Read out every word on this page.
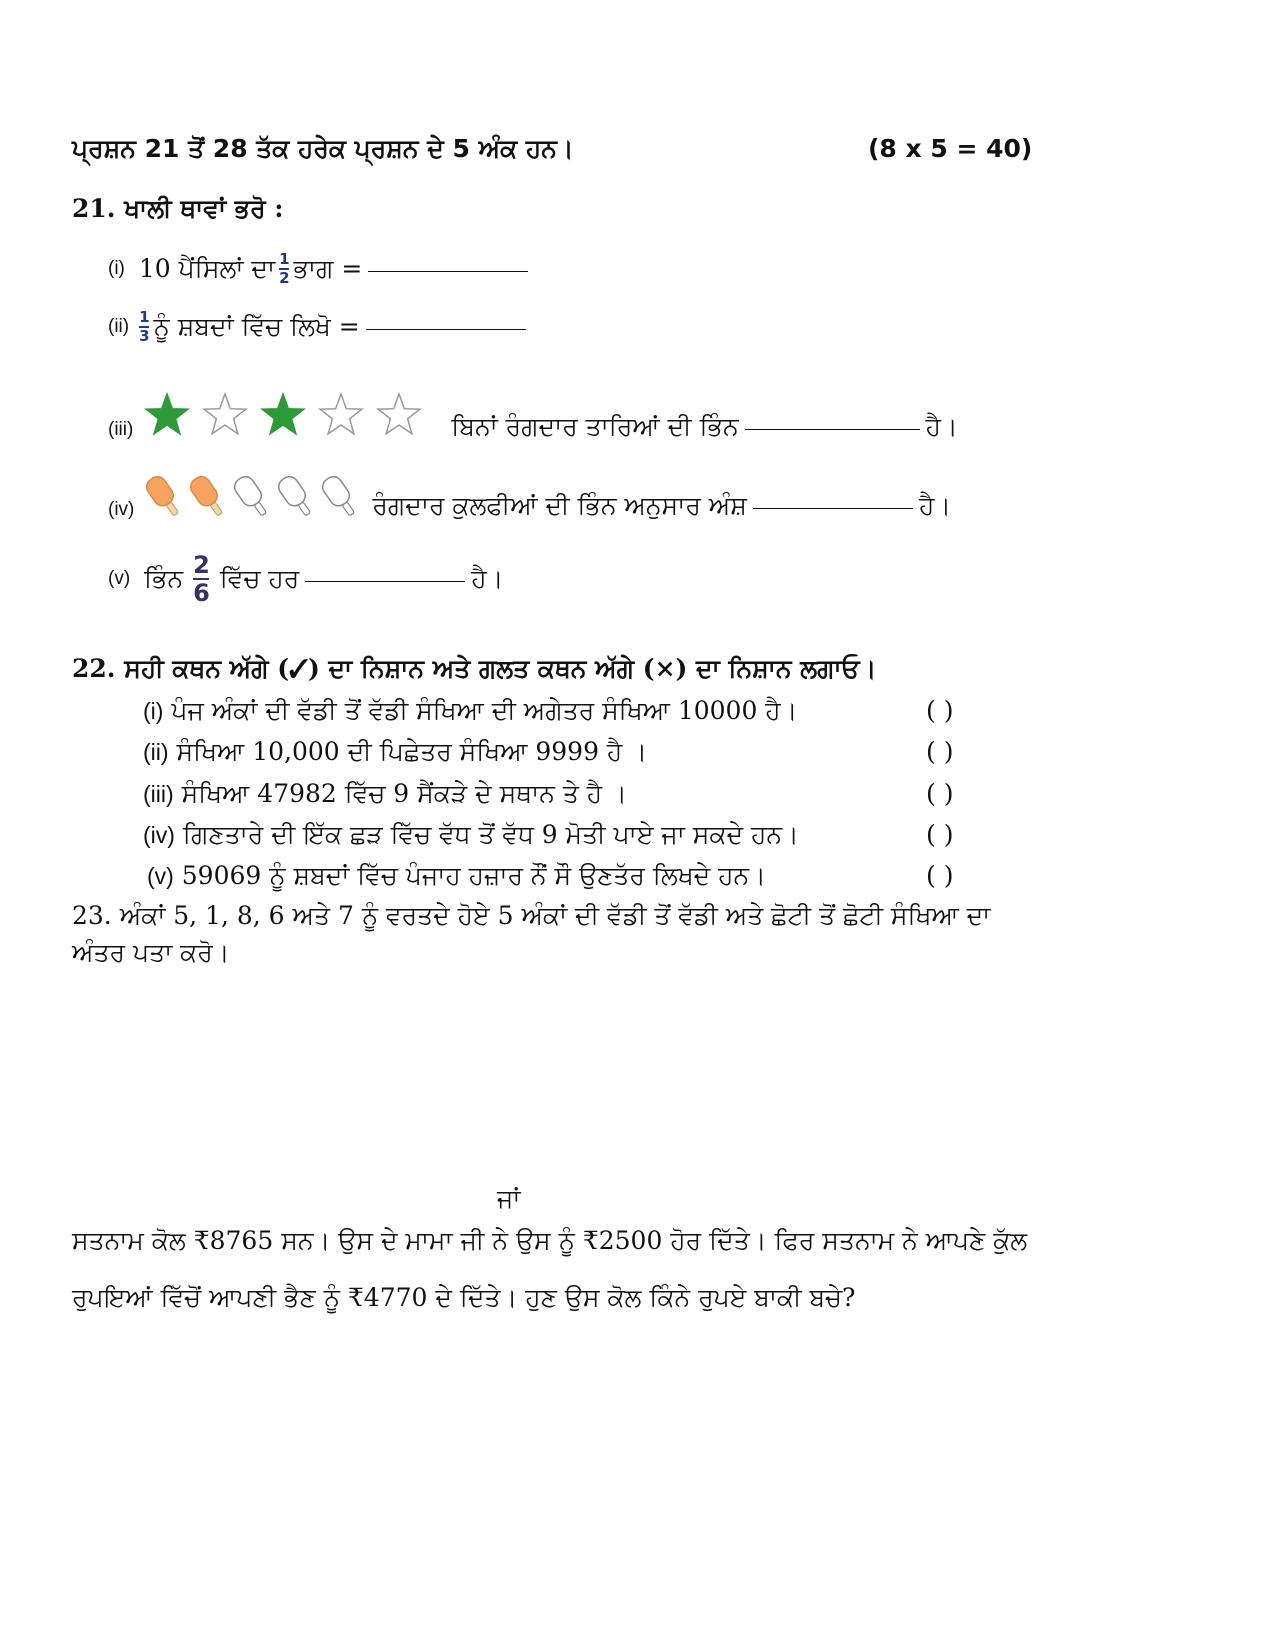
ਪ੍ਰਸ਼ਨ 21 ਤੋਂ 28 ਤੱਕ ਹਰੇਕ ਪ੍ਰਸ਼ਨ ਦੇ 5 ਅੰਕ ਹਨ।	(8 x 5 = 40)
21. ਖਾਲੀ ਥਾਵਾਂ ਭਰੋ :
(i) 10 ਪੈਂਸਿਲਾਂ ਦਾ $\frac{1}{2}$ ਭਾਗ =
$(ii) \frac{1}{3}$ ਨੂੰ ਸ਼ਬਦਾਂ ਵਿੱਚ ਲਿਖੋ =
(iii)	ਬਿਨਾਂ ਰੰਗਦਾਰ ਤਾਰਿਆਂ ਦੀ ਭਿੰਨ	ਹੈ।
(iv)	ਰੰਗਦਾਰ ਕੁਲਫੀਆਂ ਦੀ ਭਿੰਨ ਅਨੁਸਾਰ ਅੰਸ਼	ਹੈ।
(v) ਭਿੰਨ $\frac{2}{6}$ ਵਿੱਚ ਹਰ	ਹੈ।
22. ਸਹੀ ਕਥਨ ਅੱਗੇ (✓) ਦਾ ਨਿਸ਼ਾਨ ਅਤੇ ਗਲਤ ਕਥਨ ਅੱਗੇ (×) ਦਾ ਨਿਸ਼ਾਨ ਲਗਾਓ।
(i) ਪੰਜ ਅੰਕਾਂ ਦੀ ਵੱਡੀ ਤੋਂ ਵੱਡੀ ਸੰਖਿਆ ਦੀ ਅਗੇਤਰ ਸੰਖਿਆ 10000 ਹੈ।	( )
(ii) ਸੰਖਿਆ 10,000 ਦੀ ਪਿਛੇਤਰ ਸੰਖਿਆ 9999 ਹੈ ।	( )
(iii) ਸੰਖਿਆ 47982 ਵਿੱਚ 9 ਸੈਂਕੜੇ ਦੇ ਸਥਾਨ ਤੇ ਹੈ ।	( )
(iv) ਗਿਣਤਾਰੇ ਦੀ ਇੱਕ ਛੜ ਵਿੱਚ ਵੱਧ ਤੋਂ ਵੱਧ 9 ਮੋਤੀ ਪਾਏ ਜਾ ਸਕਦੇ ਹਨ।	( )
(v) 59069 ਨੂੰ ਸ਼ਬਦਾਂ ਵਿੱਚ ਪੰਜਾਹ ਹਜ਼ਾਰ ਨੌਂ ਸੌ ਉਣਤੱਰ ਲਿਖਦੇ ਹਨ।	( )
23. ਅੰਕਾਂ 5, 1, 8, 6 ਅਤੇ 7 ਨੂੰ ਵਰਤਦੇ ਹੋਏ 5 ਅੰਕਾਂ ਦੀ ਵੱਡੀ ਤੋਂ ਵੱਡੀ ਅਤੇ ਛੋਟੀ ਤੋਂ ਛੋਟੀ ਸੰਖਿਆ ਦਾ
ਅੰਤਰ ਪਤਾ ਕਰੋ।
ਜਾਂ
ਸਤਨਾਮ ਕੋਲ ₹8765 ਸਨ। ਉਸ ਦੇ ਮਾਮਾ ਜੀ ਨੇ ਉਸ ਨੂੰ ₹2500 ਹੋਰ ਦਿੱਤੇ। ਫਿਰ ਸਤਨਾਮ ਨੇ ਆਪਣੇ ਕੁੱਲ
ਰੁਪਇਆਂ ਵਿੱਚੋਂ ਆਪਣੀ ਭੈਣ ਨੂੰ ₹4770 ਦੇ ਦਿੱਤੇ। ਹੁਣ ਉਸ ਕੋਲ ਕਿੰਨੇ ਰੁਪਏ ਬਾਕੀ ਬਚੇ?
